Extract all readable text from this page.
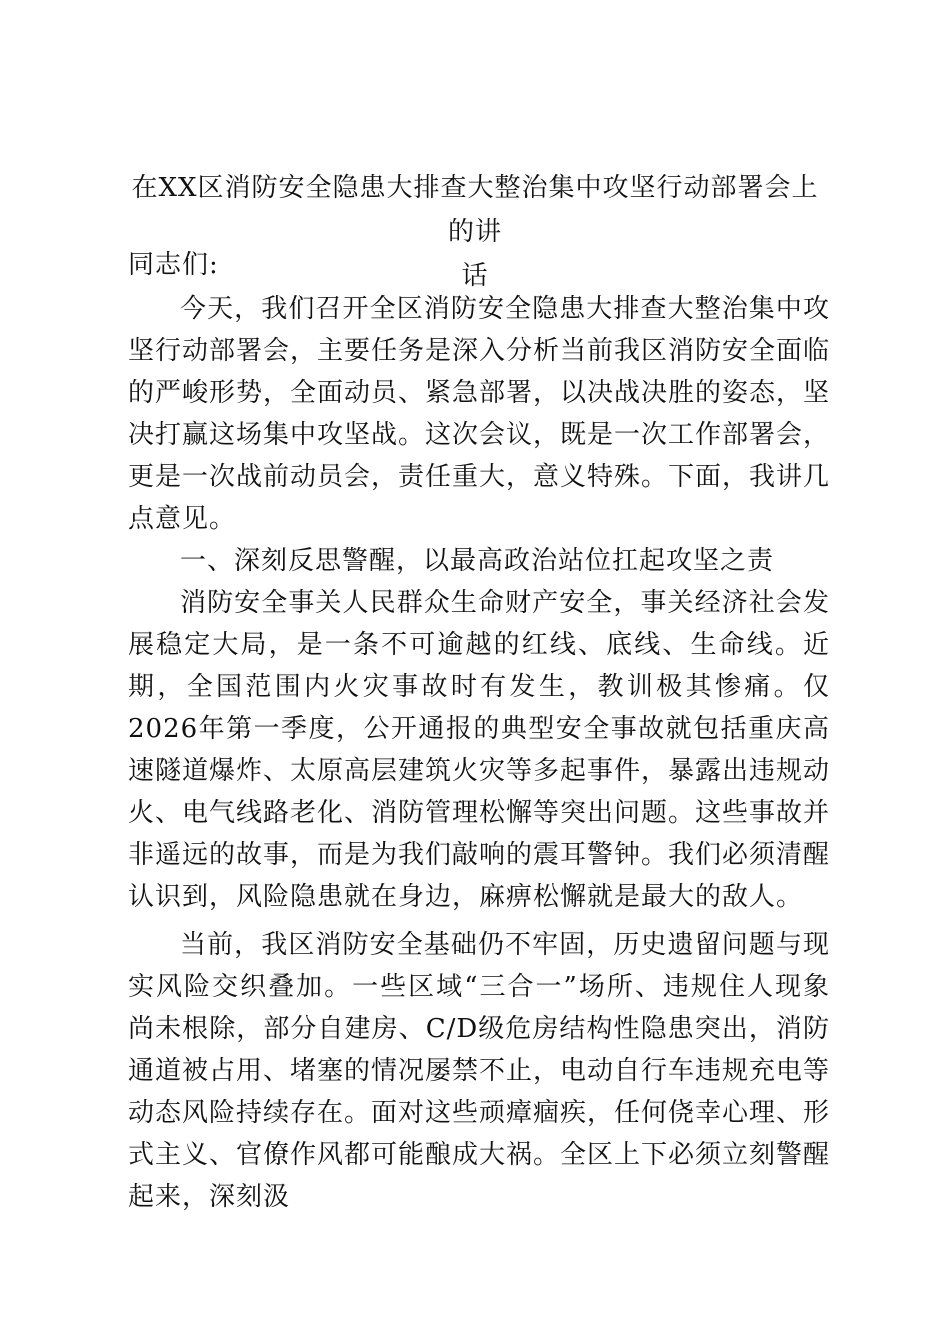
在XX区消防安全隐患大排查大整治集中攻坚行动部署会上的讲
话

同志们:

今天，我们召开全区消防安全隐患大排查大整治集中攻坚行动部署会，主要任务是深入分析当前我区消防安全面临的严峻形势，全面动员、紧急部署，以决战决胜的姿态，坚决打赢这场集中攻坚战。这次会议，既是一次工作部署会，更是一次战前动员会，责任重大，意义特殊。下面，我讲几点意见。

一、深刻反思警醒，以最高政治站位扛起攻坚之责

消防安全事关人民群众生命财产安全，事关经济社会发展稳定大局，是一条不可逾越的红线、底线、生命线。近期，全国范围内火灾事故时有发生，教训极其惨痛。仅2026年第一季度，公开通报的典型安全事故就包括重庆高速隧道爆炸、太原高层建筑火灾等多起事件，暴露出违规动火、电气线路老化、消防管理松懈等突出问题。这些事故并非遥远的故事，而是为我们敲响的震耳警钟。我们必须清醒认识到，风险隐患就在身边，麻痹松懈就是最大的敌人。

当前，我区消防安全基础仍不牢固，历史遗留问题与现实风险交织叠加。一些区域“三合一”场所、违规住人现象尚未根除，部分自建房、C/D级危房结构性隐患突出，消防通道被占用、堵塞的情况屡禁不止，电动自行车违规充电等动态风险持续存在。面对这些顽瘴痼疾，任何侥幸心理、形式主义、官僚作风都可能酿成大祸。全区上下必须立刻警醒起来，深刻汲
